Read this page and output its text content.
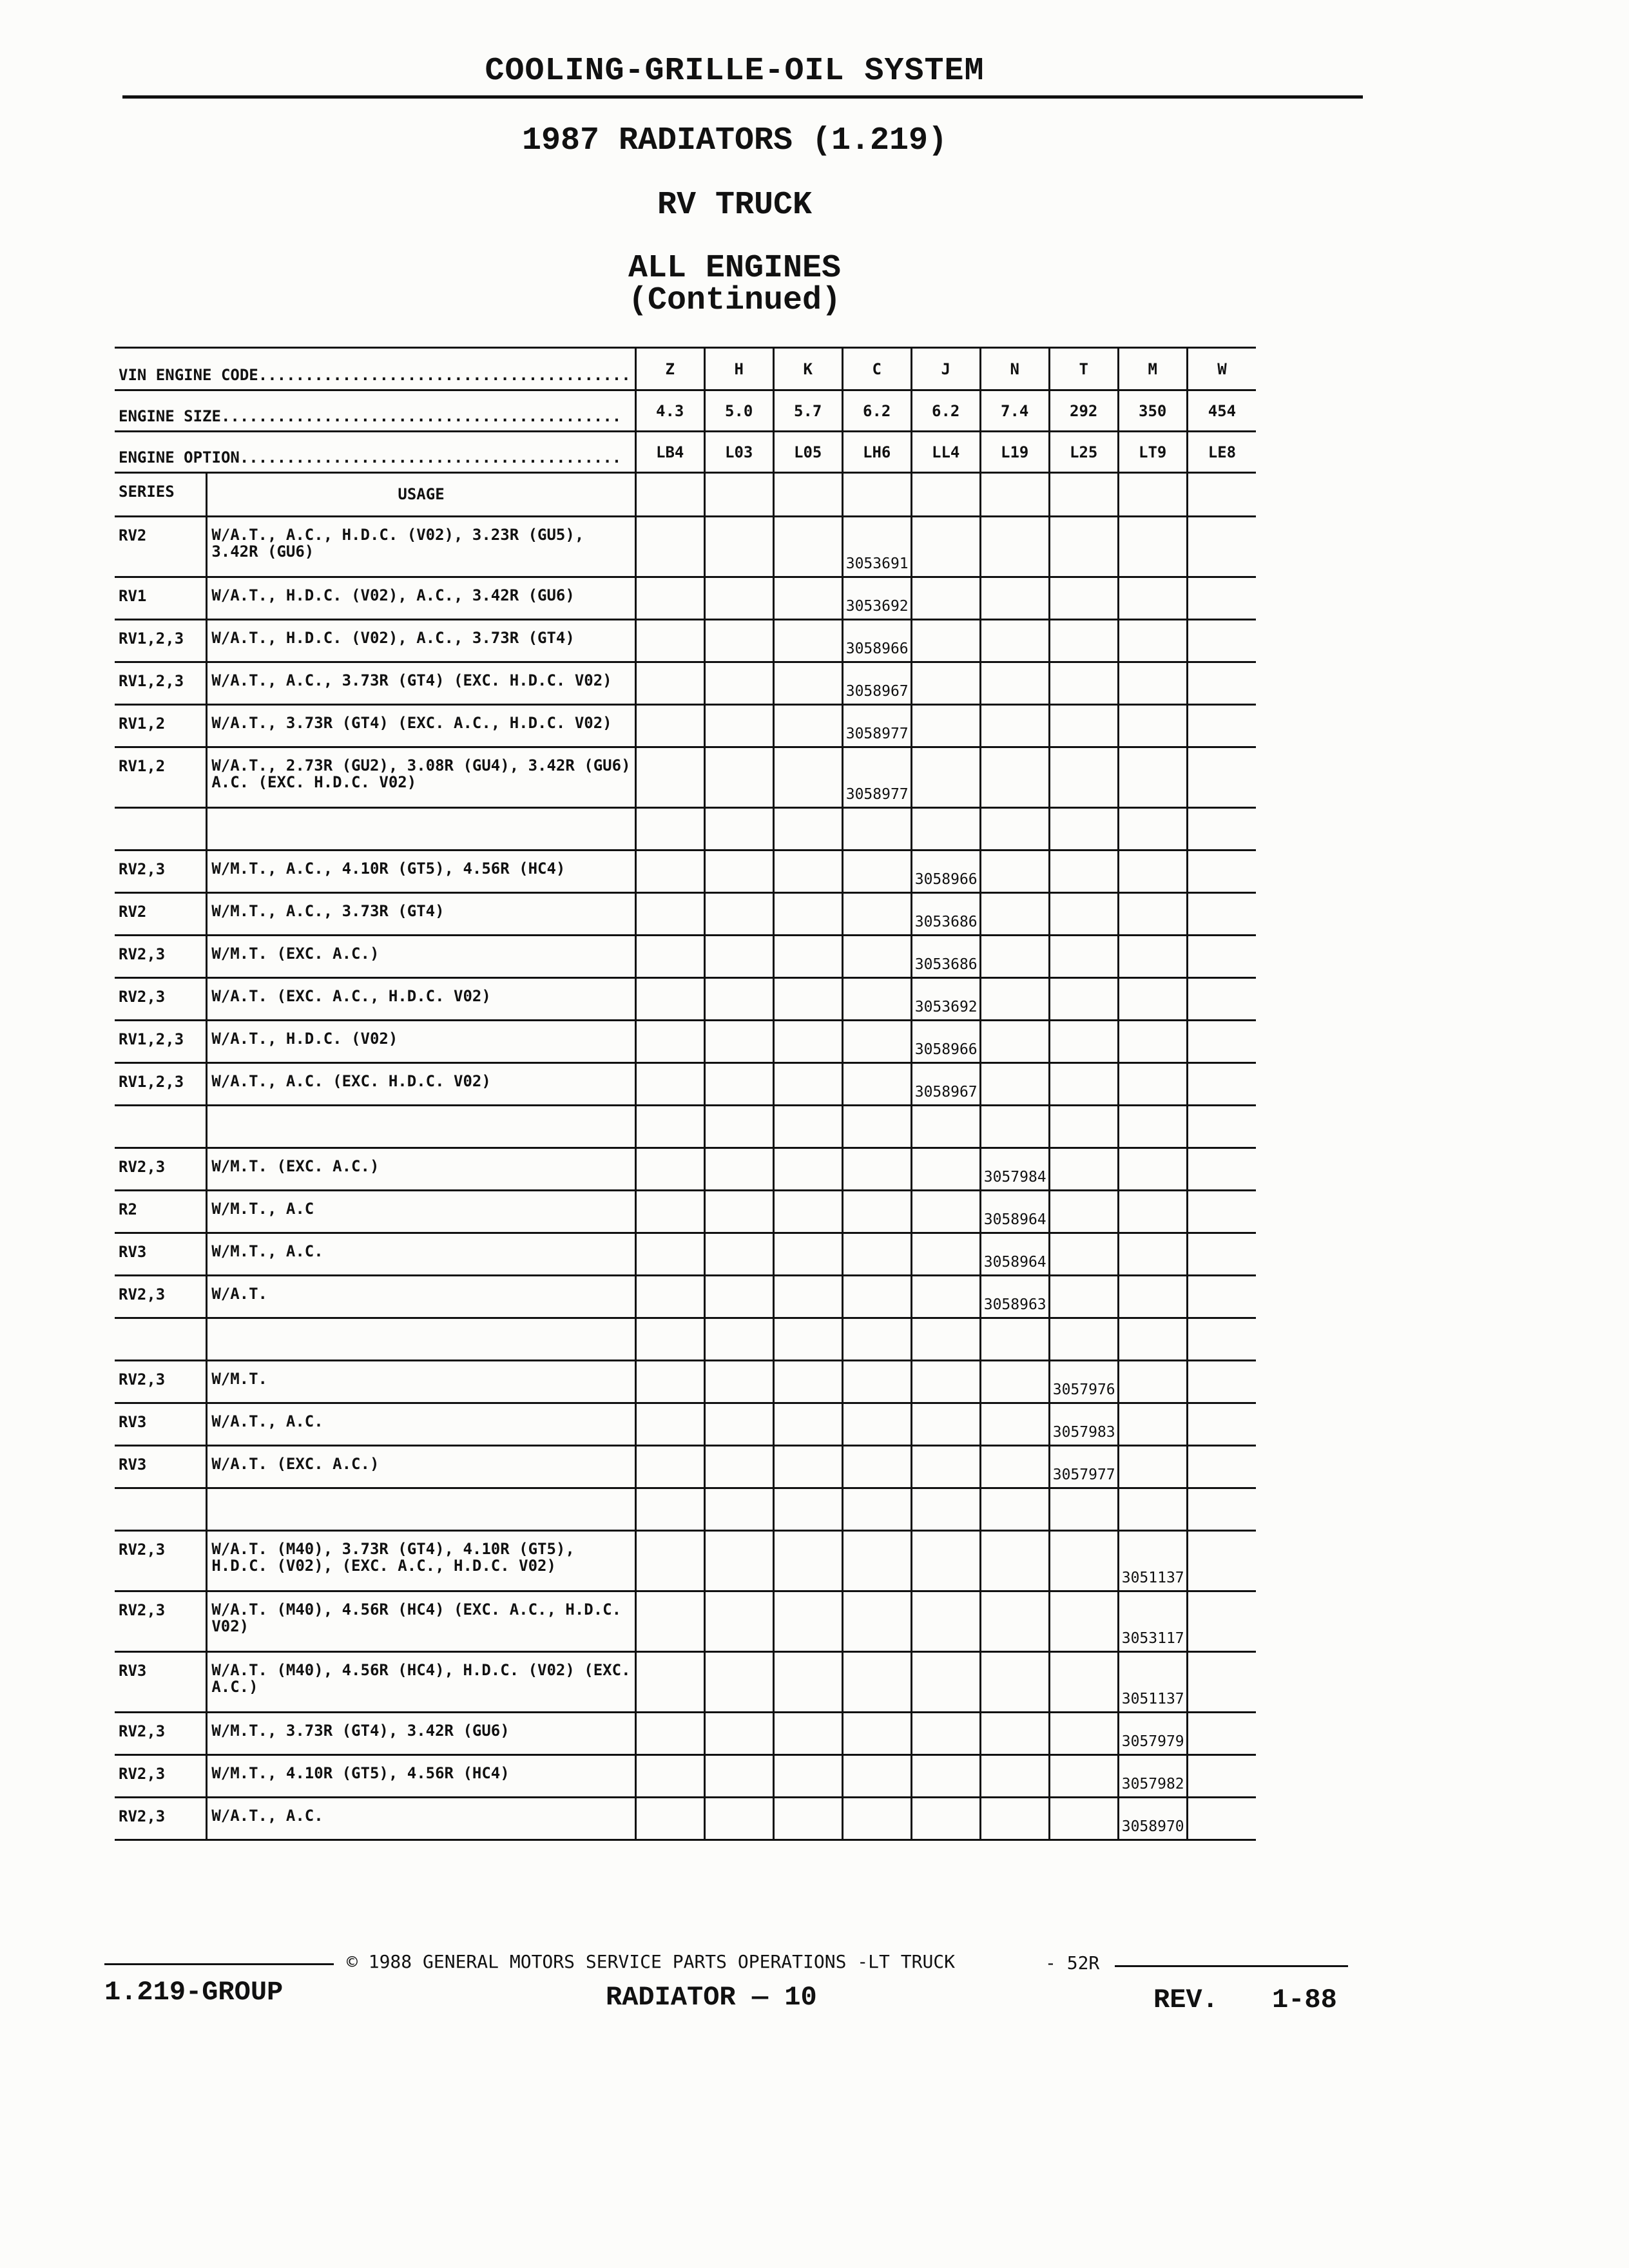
COOLING-GRILLE-OIL SYSTEM
1987 RADIATORS (1.219)
RV TRUCK
ALL ENGINES
(Continued)
VIN ENGINE CODE........................................		Z	H	K	C	J	N	T	M	W
ENGINE SIZE...........................................		4.3	5.0	5.7	6.2	6.2	7.4	292	350	454
ENGINE OPTION.........................................		LB4	L03	L05	LH6	LL4	L19	L25	LT9	LE8
SERIES	USAGE									
RV2	W/A.T., A.C., H.D.C. (V02), 3.23R (GU5), 3.42R (GU6)				3053691					
RV1	W/A.T., H.D.C. (V02), A.C., 3.42R (GU6)				3053692					
RV1,2,3	W/A.T., H.D.C. (V02), A.C., 3.73R (GT4)				3058966					
RV1,2,3	W/A.T., A.C., 3.73R (GT4) (EXC. H.D.C. V02)				3058967					
RV1,2	W/A.T., 3.73R (GT4) (EXC. A.C., H.D.C. V02)				3058977					
RV1,2	W/A.T., 2.73R (GU2), 3.08R (GU4), 3.42R (GU6) A.C. (EXC. H.D.C. V02)				3058977					

RV2,3	W/M.T., A.C., 4.10R (GT5), 4.56R (HC4)					3058966				
RV2	W/M.T., A.C., 3.73R (GT4)					3053686				
RV2,3	W/M.T. (EXC. A.C.)					3053686				
RV2,3	W/A.T. (EXC. A.C., H.D.C. V02)					3053692				
RV1,2,3	W/A.T., H.D.C. (V02)					3058966				
RV1,2,3	W/A.T., A.C. (EXC. H.D.C. V02)					3058967				

RV2,3	W/M.T. (EXC. A.C.)						3057984			
R2	W/M.T., A.C						3058964			
RV3	W/M.T., A.C.						3058964			
RV2,3	W/A.T.						3058963			

RV2,3	W/M.T.							3057976		
RV3	W/A.T., A.C.							3057983		
RV3	W/A.T. (EXC. A.C.)							3057977		

RV2,3	W/A.T. (M40), 3.73R (GT4), 4.10R (GT5), H.D.C. (V02), (EXC. A.C., H.D.C. V02)								3051137	
RV2,3	W/A.T. (M40), 4.56R (HC4) (EXC. A.C., H.D.C. V02)								3053117	
RV3	W/A.T. (M40), 4.56R (HC4), H.D.C. (V02) (EXC. A.C.)								3051137	
RV2,3	W/M.T., 3.73R (GT4), 3.42R (GU6)								3057979	
RV2,3	W/M.T., 4.10R (GT5), 4.56R (HC4)								3057982	
RV2,3	W/A.T., A.C.								3058970	
© 1988 GENERAL MOTORS SERVICE PARTS OPERATIONS -LT TRUCK	- 52R
1.219-GROUP	RADIATOR — 10	REV. 1-88
